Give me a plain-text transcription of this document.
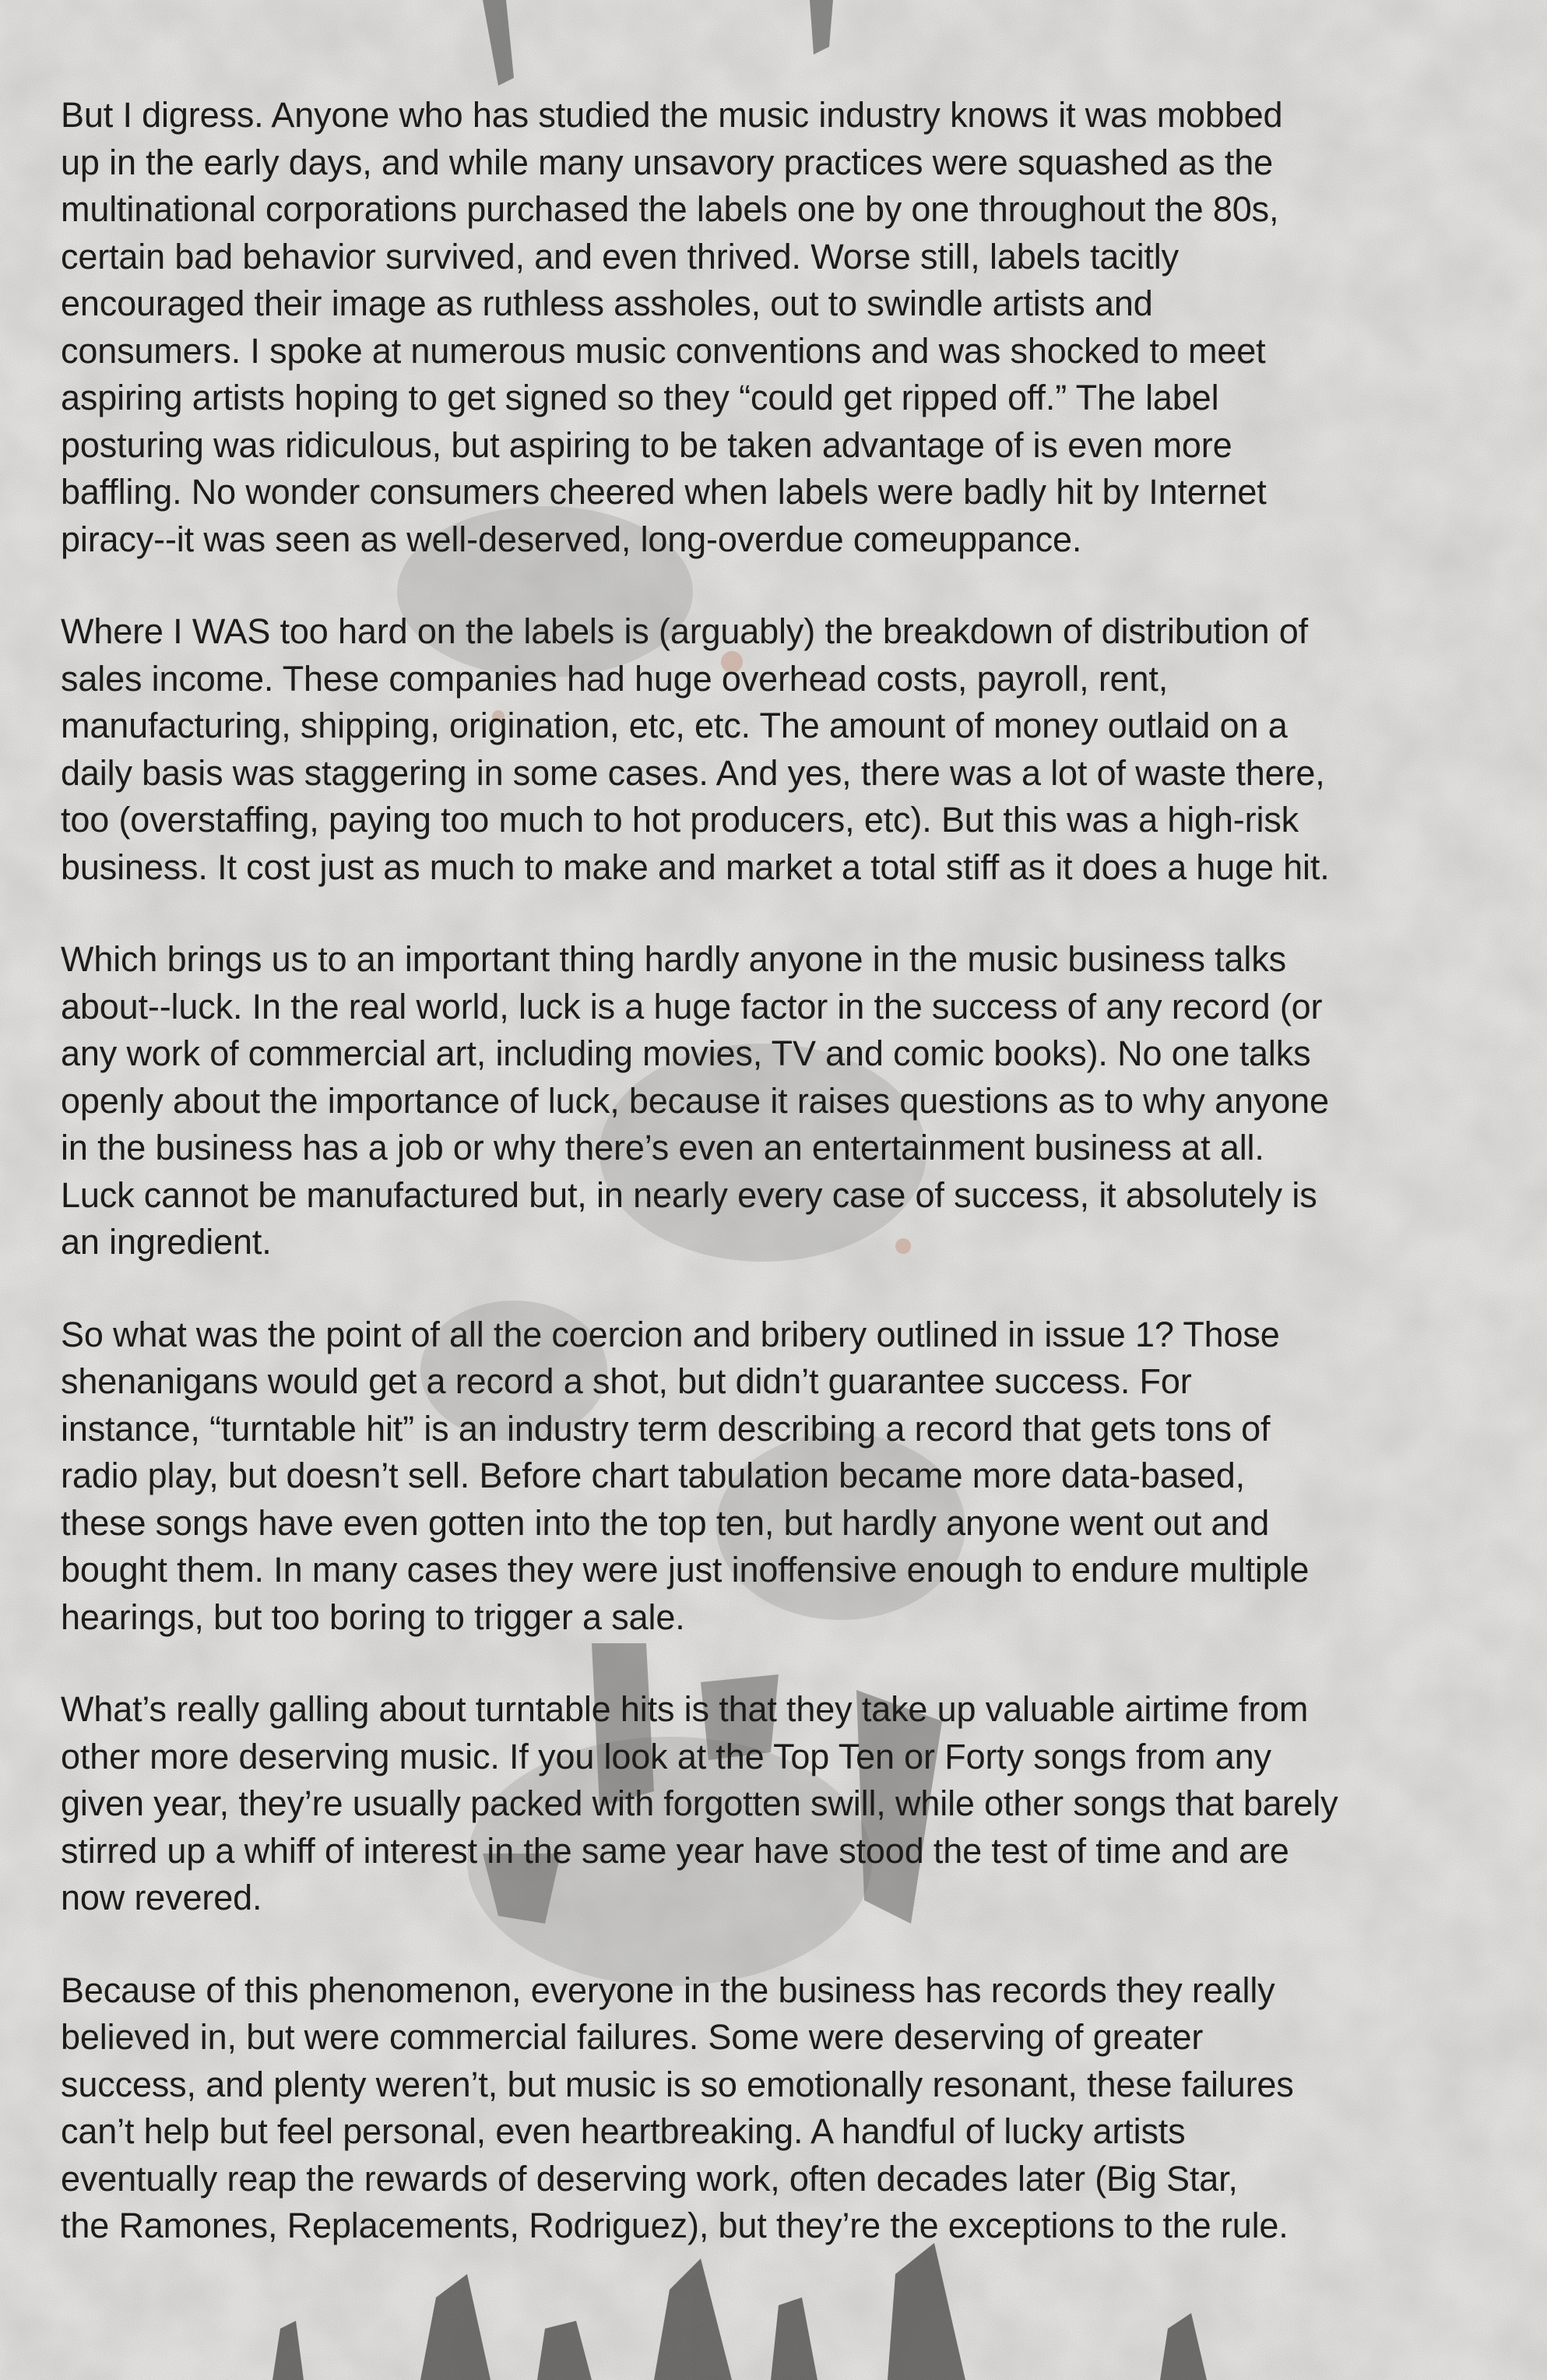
But I digress. Anyone who has studied the music industry knows it was mobbed
up in the early days, and while many unsavory practices were squashed as the
multinational corporations purchased the labels one by one throughout the 80s,
certain bad behavior survived, and even thrived. Worse still, labels tacitly
encouraged their image as ruthless assholes, out to swindle artists and
consumers. I spoke at numerous music conventions and was shocked to meet
aspiring artists hoping to get signed so they “could get ripped off.” The label
posturing was ridiculous, but aspiring to be taken advantage of is even more
baffling. No wonder consumers cheered when labels were badly hit by Internet
piracy--it was seen as well-deserved, long-overdue comeuppance.

Where I WAS too hard on the labels is (arguably) the breakdown of distribution of
sales income. These companies had huge overhead costs, payroll, rent,
manufacturing, shipping, origination, etc, etc. The amount of money outlaid on a
daily basis was staggering in some cases. And yes, there was a lot of waste there,
too (overstaffing, paying too much to hot producers, etc). But this was a high-risk
business. It cost just as much to make and market a total stiff as it does a huge hit.

Which brings us to an important thing hardly anyone in the music business talks
about--luck. In the real world, luck is a huge factor in the success of any record (or
any work of commercial art, including movies, TV and comic books). No one talks
openly about the importance of luck, because it raises questions as to why anyone
in the business has a job or why there’s even an entertainment business at all.
Luck cannot be manufactured but, in nearly every case of success, it absolutely is
an ingredient.

So what was the point of all the coercion and bribery outlined in issue 1? Those
shenanigans would get a record a shot, but didn’t guarantee success. For
instance, “turntable hit” is an industry term describing a record that gets tons of
radio play, but doesn’t sell. Before chart tabulation became more data-based,
these songs have even gotten into the top ten, but hardly anyone went out and
bought them. In many cases they were just inoffensive enough to endure multiple
hearings, but too boring to trigger a sale.

What’s really galling about turntable hits is that they take up valuable airtime from
other more deserving music. If you look at the Top Ten or Forty songs from any
given year, they’re usually packed with forgotten swill, while other songs that barely
stirred up a whiff of interest in the same year have stood the test of time and are
now revered.

Because of this phenomenon, everyone in the business has records they really
believed in, but were commercial failures. Some were deserving of greater
success, and plenty weren’t, but music is so emotionally resonant, these failures
can’t help but feel personal, even heartbreaking. A handful of lucky artists
eventually reap the rewards of deserving work, often decades later (Big Star,
the Ramones, Replacements, Rodriguez), but they’re the exceptions to the rule.
